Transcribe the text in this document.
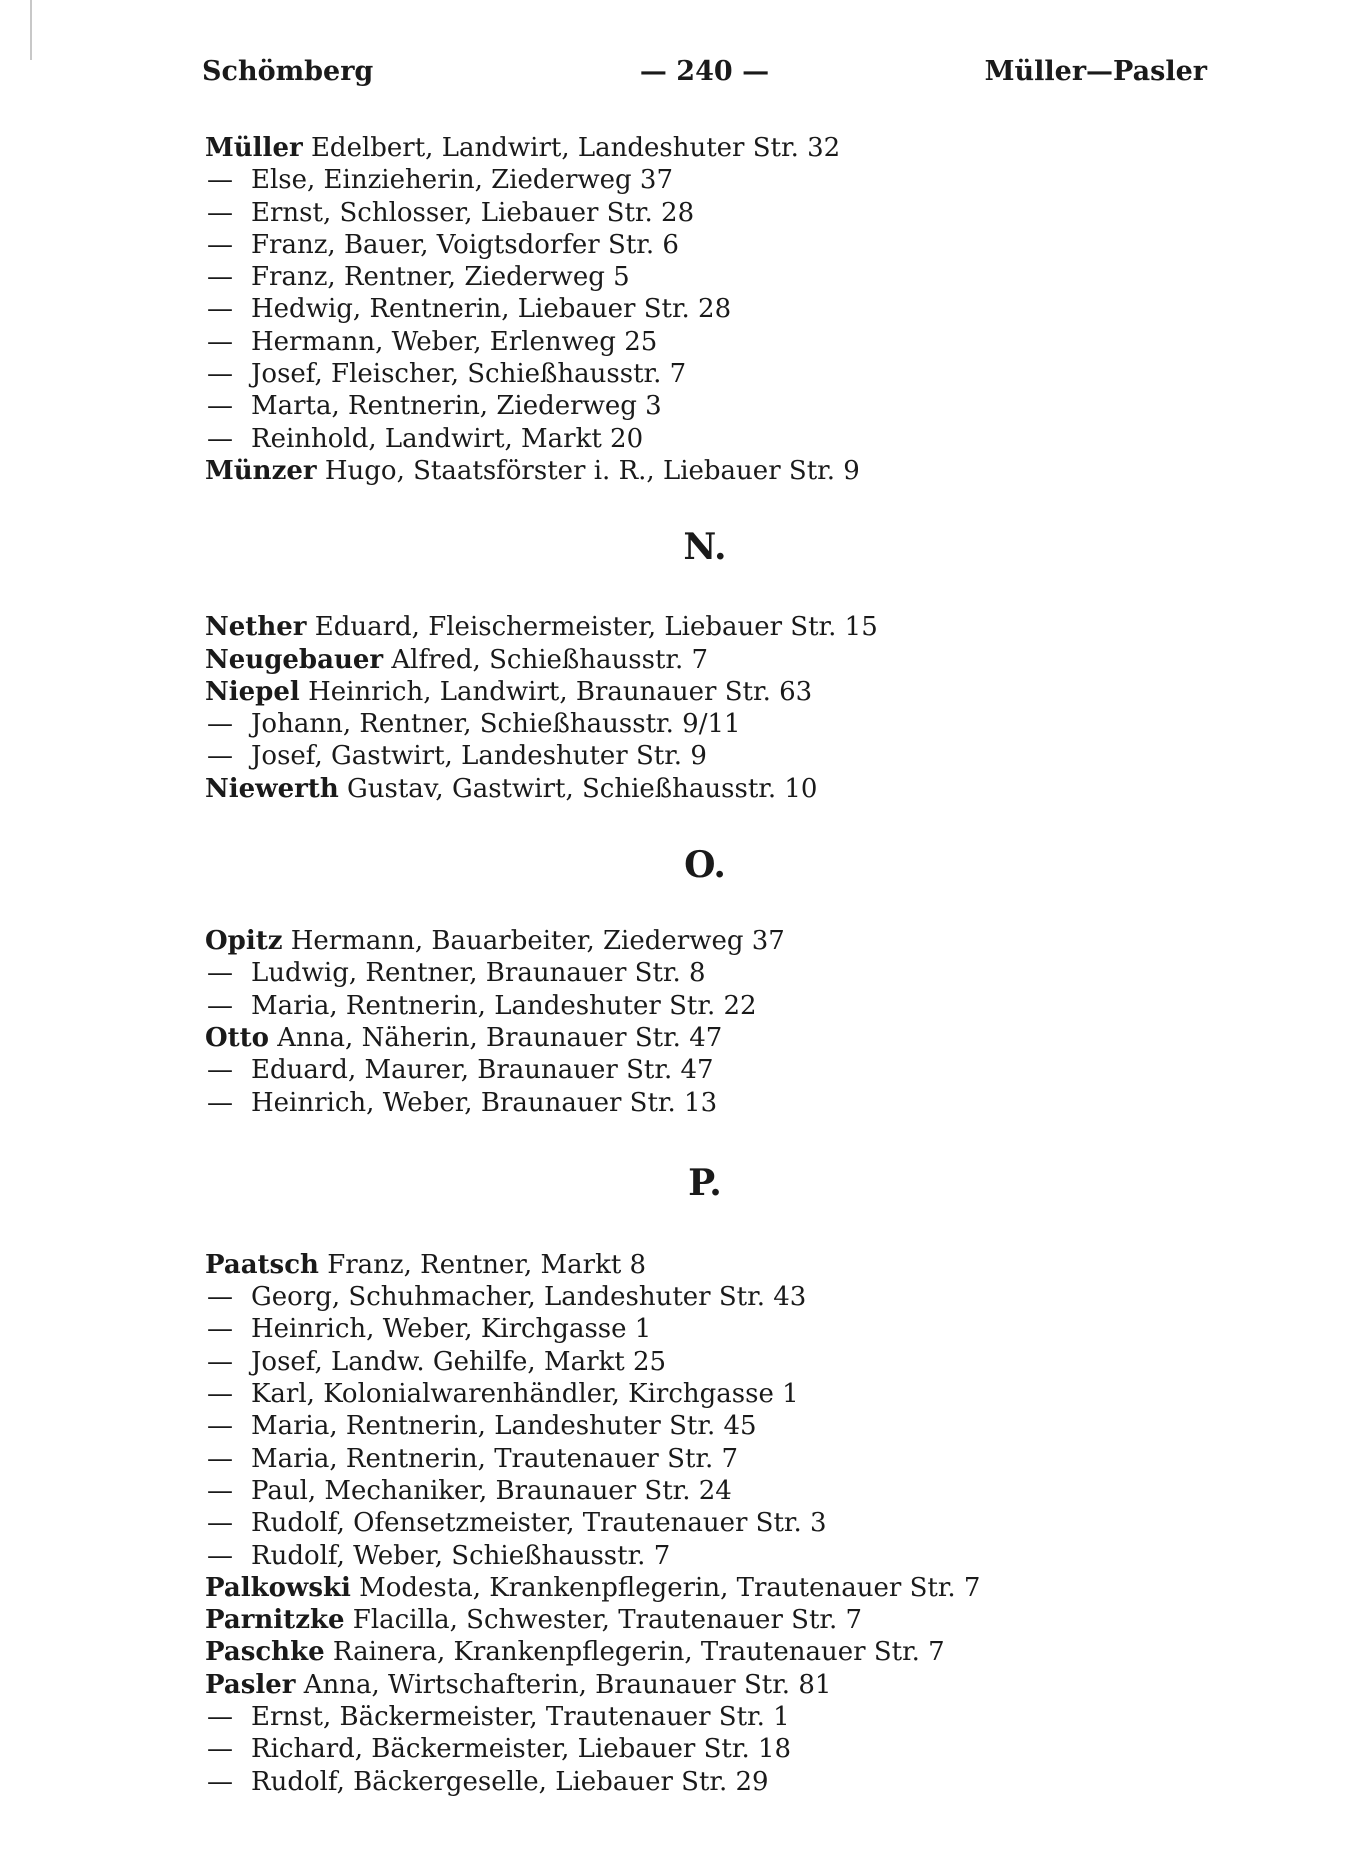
Schömberg	— 240 —	Müller—Pasler
Müller Edelbert, Landwirt, Landeshuter Str. 32
— Else, Einzieherin, Ziederweg 37
— Ernst, Schlosser, Liebauer Str. 28
— Franz, Bauer, Voigtsdorfer Str. 6
— Franz, Rentner, Ziederweg 5
— Hedwig, Rentnerin, Liebauer Str. 28
— Hermann, Weber, Erlenweg 25
— Josef, Fleischer, Schießhausstr. 7
— Marta, Rentnerin, Ziederweg 3
— Reinhold, Landwirt, Markt 20
Münzer Hugo, Staatsförster i. R., Liebauer Str. 9
N.
Nether Eduard, Fleischermeister, Liebauer Str. 15
Neugebauer Alfred, Schießhausstr. 7
Niepel Heinrich, Landwirt, Braunauer Str. 63
— Johann, Rentner, Schießhausstr. 9/11
— Josef, Gastwirt, Landeshuter Str. 9
Niewerth Gustav, Gastwirt, Schießhausstr. 10
O.
Opitz Hermann, Bauarbeiter, Ziederweg 37
— Ludwig, Rentner, Braunauer Str. 8
— Maria, Rentnerin, Landeshuter Str. 22
Otto Anna, Näherin, Braunauer Str. 47
— Eduard, Maurer, Braunauer Str. 47
— Heinrich, Weber, Braunauer Str. 13
P.
Paatsch Franz, Rentner, Markt 8
— Georg, Schuhmacher, Landeshuter Str. 43
— Heinrich, Weber, Kirchgasse 1
— Josef, Landw. Gehilfe, Markt 25
— Karl, Kolonialwarenhändler, Kirchgasse 1
— Maria, Rentnerin, Landeshuter Str. 45
— Maria, Rentnerin, Trautenauer Str. 7
— Paul, Mechaniker, Braunauer Str. 24
— Rudolf, Ofensetzmeister, Trautenauer Str. 3
— Rudolf, Weber, Schießhausstr. 7
Palkowski Modesta, Krankenpflegerin, Trautenauer Str. 7
Parnitzke Flacilla, Schwester, Trautenauer Str. 7
Paschke Rainera, Krankenpflegerin, Trautenauer Str. 7
Pasler Anna, Wirtschafterin, Braunauer Str. 81
— Ernst, Bäckermeister, Trautenauer Str. 1
— Richard, Bäckermeister, Liebauer Str. 18
— Rudolf, Bäckergeselle, Liebauer Str. 29
